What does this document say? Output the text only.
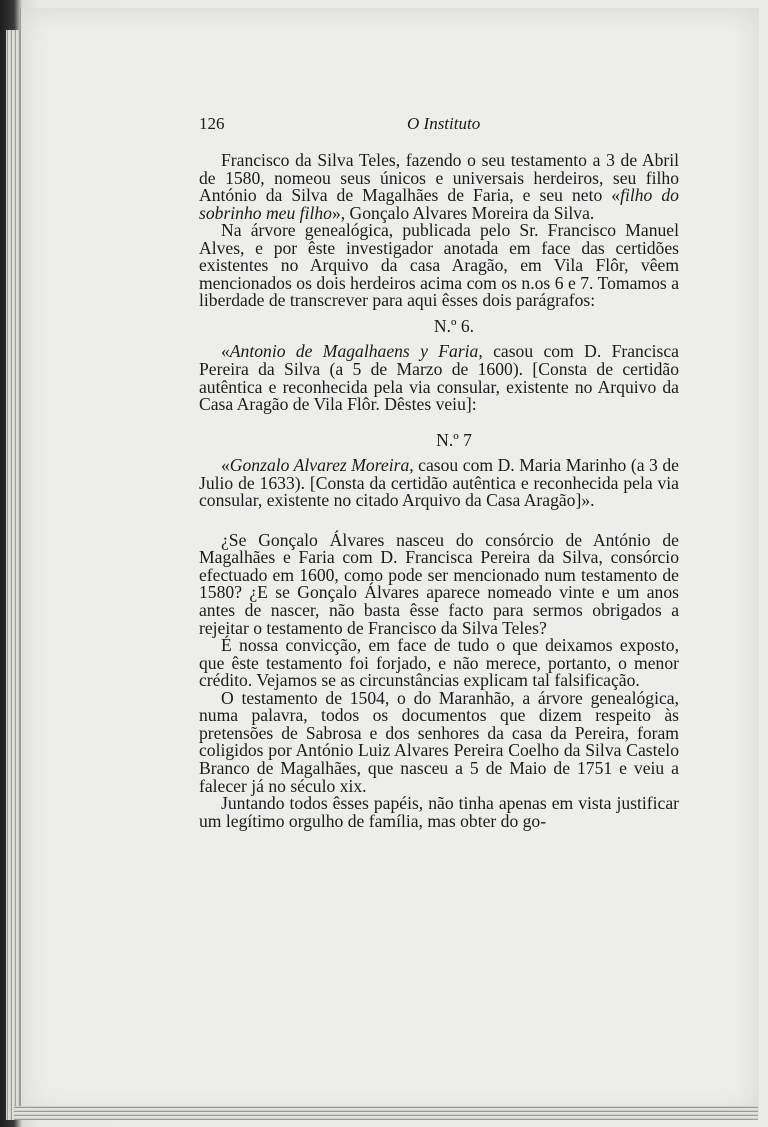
126	O Instituto

Francisco da Silva Teles, fazendo o seu testamento a 3 de Abril de 1580, nomeou seus únicos e universais herdeiros, seu filho António da Silva de Magalhães de Faria, e seu neto «filho do sobrinho meu filho», Gonçalo Alvares Moreira da Silva.

Na árvore genealógica, publicada pelo Sr. Francisco Manuel Alves, e por êste investigador anotada em face das certidões existentes no Arquivo da casa Aragão, em Vila Flôr, vêem mencionados os dois herdeiros acima com os n.os 6 e 7. Tomamos a liberdade de transcrever para aqui êsses dois parágrafos:

N.º 6.

«Antonio de Magalhaens y Faria, casou com D. Francisca Pereira da Silva (a 5 de Marzo de 1600). [Consta de certidão autêntica e reconhecida pela via consular, existente no Arquivo da Casa Aragão de Vila Flôr. Dêstes veiu]:

N.º 7

«Gonzalo Alvarez Moreira, casou com D. Maria Marinho (a 3 de Julio de 1633). [Consta da certidão autêntica e reconhecida pela via consular, existente no citado Arquivo da Casa Aragão]».

¿Se Gonçalo Álvares nasceu do consórcio de António de Magalhães e Faria com D. Francisca Pereira da Silva, consórcio efectuado em 1600, como pode ser mencionado num testamento de 1580? ¿E se Gonçalo Álvares aparece nomeado vinte e um anos antes de nascer, não basta êsse facto para sermos obrigados a rejeitar o testamento de Francisco da Silva Teles?

É nossa convicção, em face de tudo o que deixamos exposto, que êste testamento foi forjado, e não merece, portanto, o menor crédito. Vejamos se as circunstâncias explicam tal falsificação.

O testamento de 1504, o do Maranhão, a árvore genealógica, numa palavra, todos os documentos que dizem respeito às pretensões de Sabrosa e dos senhores da casa da Pereira, foram coligidos por António Luiz Alvares Pereira Coelho da Silva Castelo Branco de Magalhães, que nasceu a 5 de Maio de 1751 e veiu a falecer já no século xix.

Juntando todos êsses papéis, não tinha apenas em vista justificar um legítimo orgulho de família, mas obter do go-
